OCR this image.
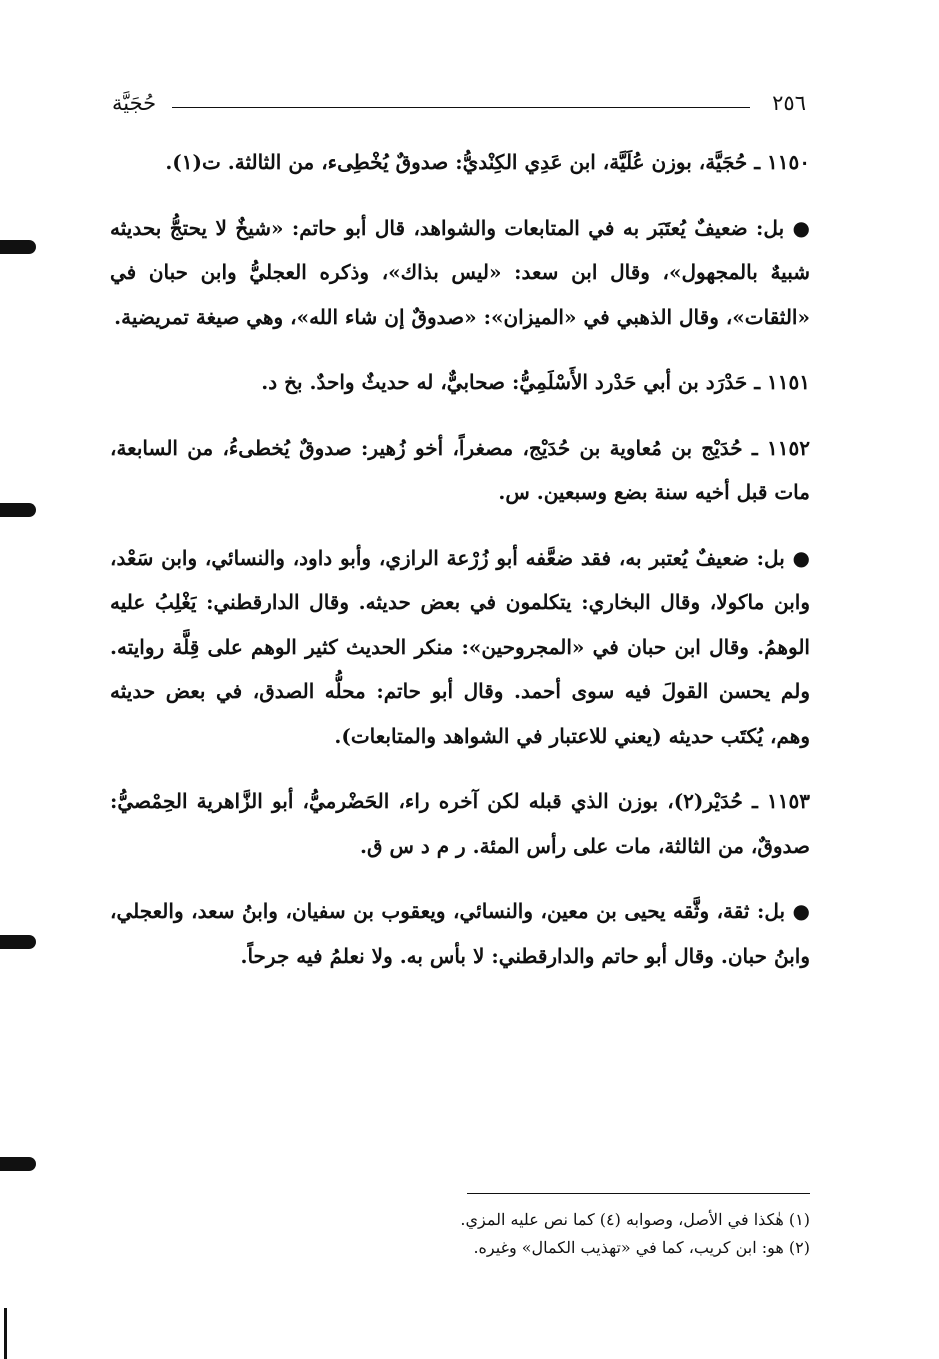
٢٥٦
حُجَيَّة

١١٥٠ ـ حُجَيَّة، بوزن عُلَيَّة، ابن عَدِي الكِنْديُّ: صدوقٌ يُخْطِىء، من الثالثة. ت(١).

● بل: ضعيفٌ يُعتَبَر به في المتابعات والشواهد، قال أبو حاتم: «شيخٌ لا يحتجُّ بحديثه شبيهٌ بالمجهول»، وقال ابن سعد: «ليس بذاك»، وذكره العجليُّ وابن حبان في «الثقات»، وقال الذهبي في «الميزان»: «صدوقٌ إن شاء الله»، وهي صيغة تمريضية.

١١٥١ ـ حَدْرَد بن أبي حَدْرد الأَسْلَمِيُّ: صحابيٌّ، له حديثٌ واحدٌ. بخ د.

١١٥٢ ـ حُدَيْج بن مُعاوية بن حُدَيْج، مصغراً، أخو زُهير: صدوقٌ يُخطىءُ، من السابعة، مات قبل أخيه سنة بضع وسبعين. س.

● بل: ضعيفٌ يُعتبر به، فقد ضعَّفه أبو زُرْعة الرازي، وأبو داود، والنسائي، وابن سَعْد، وابن ماكولا، وقال البخاري: يتكلمون في بعض حديثه. وقال الدارقطني: يَغْلِبُ عليه الوهمُ. وقال ابن حبان في «المجروحين»: منكر الحديث كثير الوهم على قِلَّة روايته. ولم يحسن القولَ فيه سوى أحمد. وقال أبو حاتم: محلُّه الصدق، في بعض حديثه وهم، يُكتَب حديثه (يعني للاعتبار في الشواهد والمتابعات).

١١٥٣ ـ حُدَيْر(٢)، بوزن الذي قبله لكن آخره راء، الحَضْرميُّ، أبو الزَّاهرية الحِمْصيُّ: صدوقٌ، من الثالثة، مات على رأس المئة. ر م د س ق.

● بل: ثقة، وثَّقه يحيى بن معين، والنسائي، ويعقوب بن سفيان، وابنُ سعد، والعجلي، وابنُ حبان. وقال أبو حاتم والدارقطني: لا بأس به. ولا نعلمُ فيه جرحاً.

(١) هٰكذا في الأصل، وصوابه (٤) كما نص عليه المزي.

(٢) هو: ابن كريب، كما في «تهذيب الكمال» وغيره.
